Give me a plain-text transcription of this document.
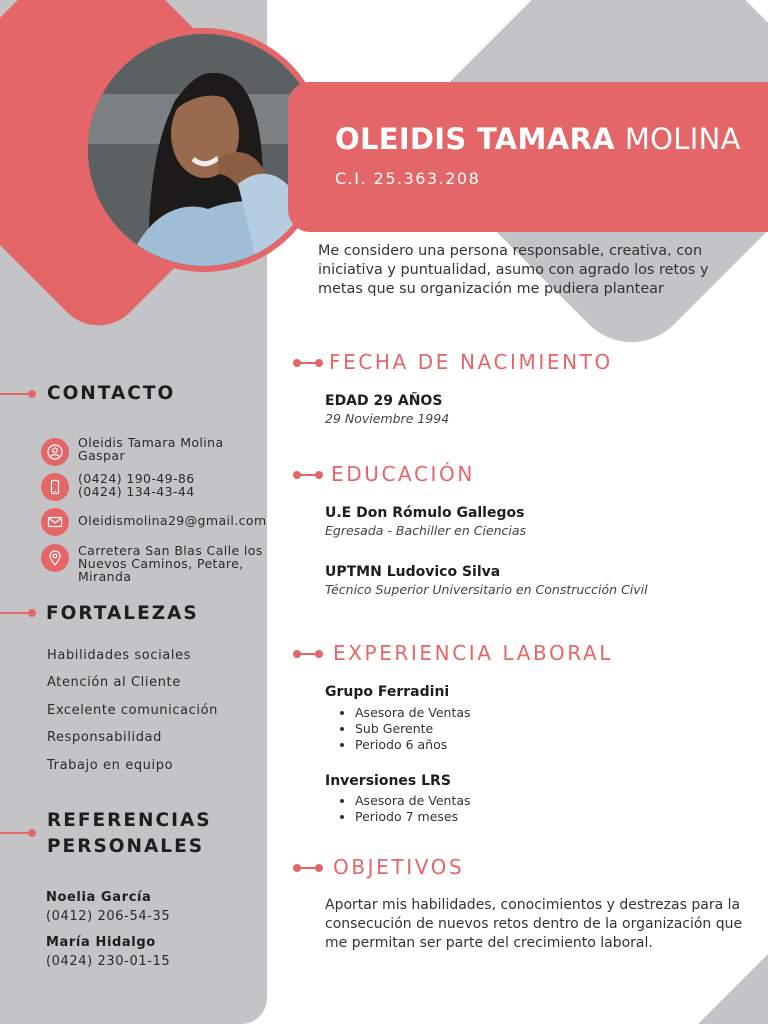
OLEIDIS TAMARA MOLINA
C.I. 25.363.208
Me considero una persona responsable, creativa, con iniciativa y puntualidad, asumo con agrado los retos y metas que su organización me pudiera plantear
CONTACTO
Oleidis Tamara Molina
Gaspar
(0424) 190-49-86
(0424) 134-43-44
Oleidismolina29@gmail.com
Carretera San Blas Calle los
Nuevos Caminos, Petare,
Miranda
FORTALEZAS
Habilidades sociales
Atención al Cliente
Excelente comunicación
Responsabilidad
Trabajo en equipo
REFERENCIAS
PERSONALES
Noelia García
(0412) 206-54-35
María Hidalgo
(0424) 230-01-15
FECHA DE NACIMIENTO
EDAD 29 AÑOS
29 Noviembre 1994
EDUCACIÓN
U.E Don Rómulo Gallegos
Egresada - Bachiller en Ciencias
UPTMN Ludovico Silva
Técnico Superior Universitario en Construcción Civil
EXPERIENCIA LABORAL
Grupo Ferradini
• Asesora de Ventas
• Sub Gerente
• Periodo 6 años
Inversiones LRS
• Asesora de Ventas
• Periodo 7 meses
OBJETIVOS
Aportar mis habilidades, conocimientos y destrezas para la consecución de nuevos retos dentro de la organización que me permitan ser parte del crecimiento laboral.
